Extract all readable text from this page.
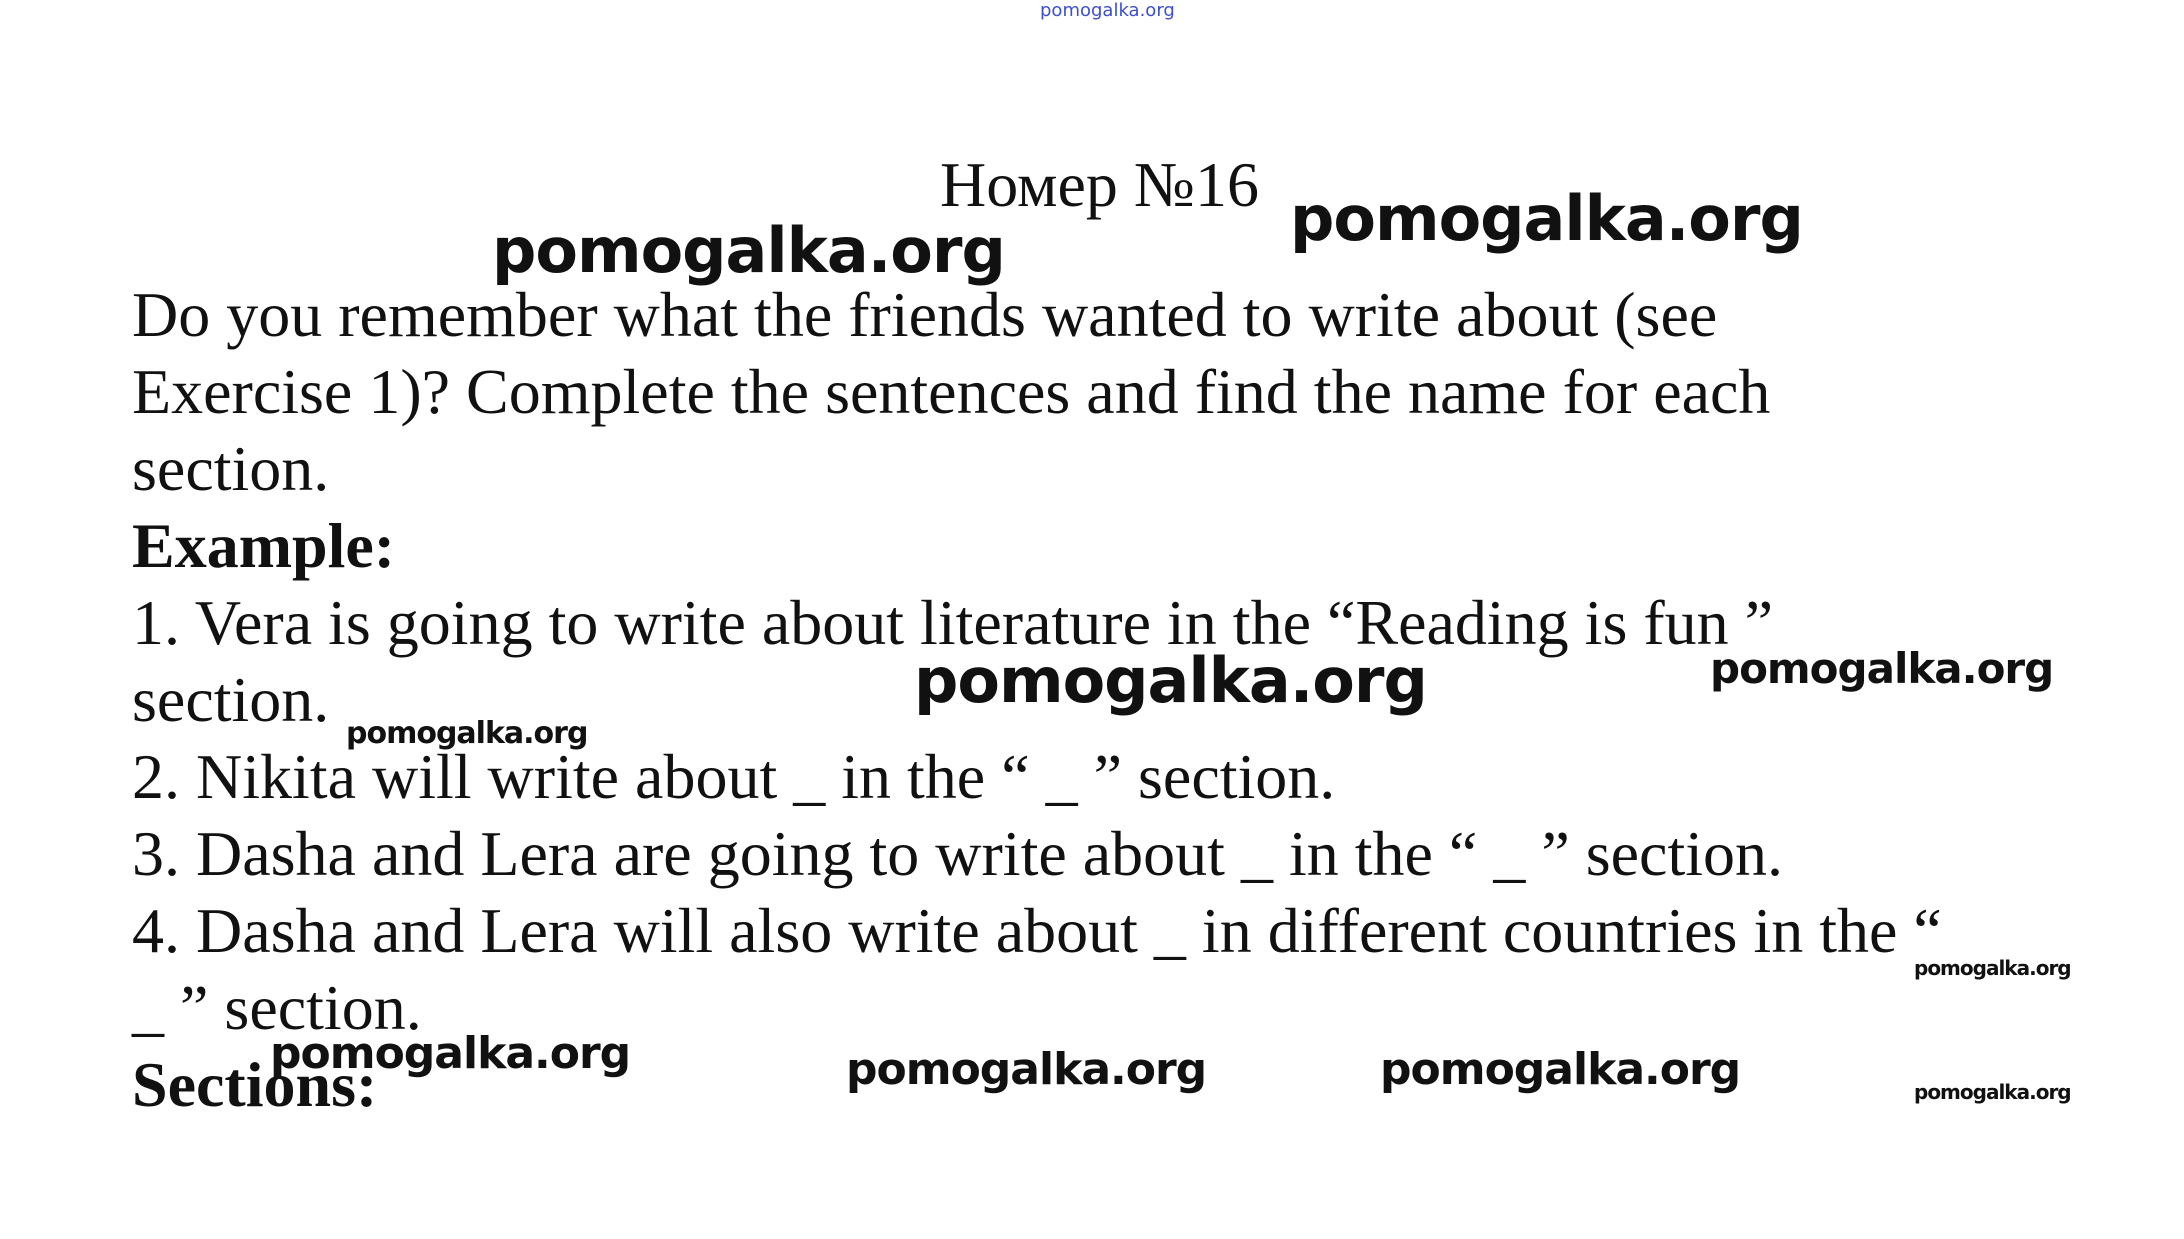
pomogalka.org
Номер №16

Do you remember what the friends wanted to write about (see

Exercise 1)? Complete the sentences and find the name for each

section.

Example:

1. Vera is going to write about literature in the “Reading is fun ”

section.

2. Nikita will write about _ in the “ _ ” section.

3. Dasha and Lera are going to write about _ in the “ _ ” section.

4. Dasha and Lera will also write about _ in different countries in the “

_ ” section.

Sections:

pomogalka.org
pomogalka.org
pomogalka.org	pomogalka.org
pomogalka.org
pomogalka.org
pomogalka.org	pomogalka.org	pomogalka.org	pomogalka.org
